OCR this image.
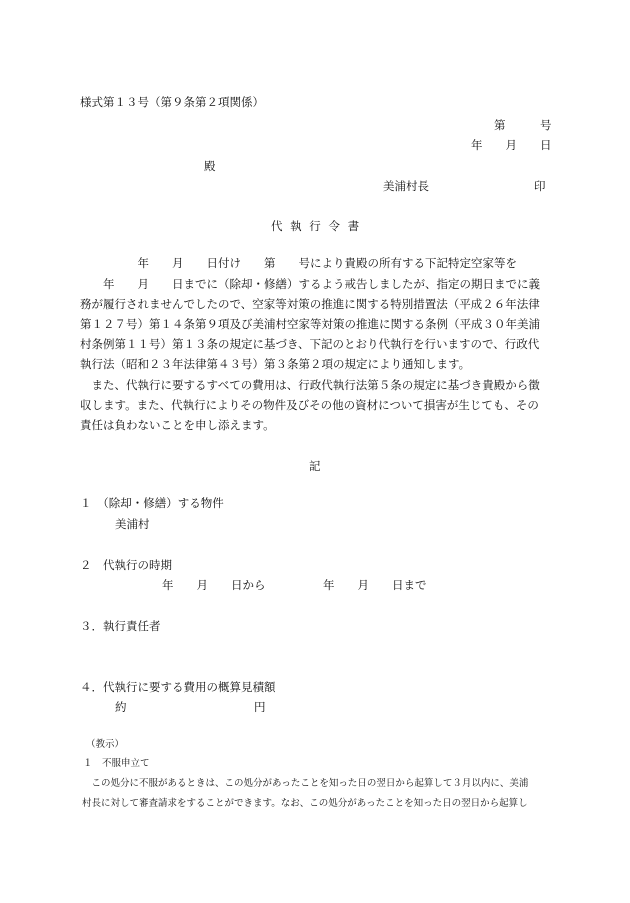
様式第１３号（第９条第２項関係）
第　　　号
年　　月　　日
殿
美浦村長	印
代 執 行 令 書
　　　　　年　　月　　日付け　　第　　号により貴殿の所有する下記特定空家等を
　　年　　月　　日までに（除却・修繕）するよう戒告しましたが、指定の期日までに義
務が履行されませんでしたので、空家等対策の推進に関する特別措置法（平成２６年法律
第１２７号）第１４条第９項及び美浦村空家等対策の推進に関する条例（平成３０年美浦
村条例第１１号）第１３条の規定に基づき、下記のとおり代執行を行いますので、行政代
執行法（昭和２３年法律第４３号）第３条第２項の規定により通知します。
　また、代執行に要するすべての費用は、行政代執行法第５条の規定に基づき貴殿から徴
収します。また、代執行によりその物件及びその他の資材について損害が生じても、その
責任は負わないことを申し添えます。
記
１　（除却・修繕）する物件
美浦村
２　代執行の時期
年　　月　　日から　　　　　年　　月　　日まで
３．執行責任者
４．代執行に要する費用の概算見積額
約	円
（教示）
１　不服申立て
　この処分に不服があるときは、この処分があったことを知った日の翌日から起算して３月以内に、美浦
村長に対して審査請求をすることができます。なお、この処分があったことを知った日の翌日から起算し
